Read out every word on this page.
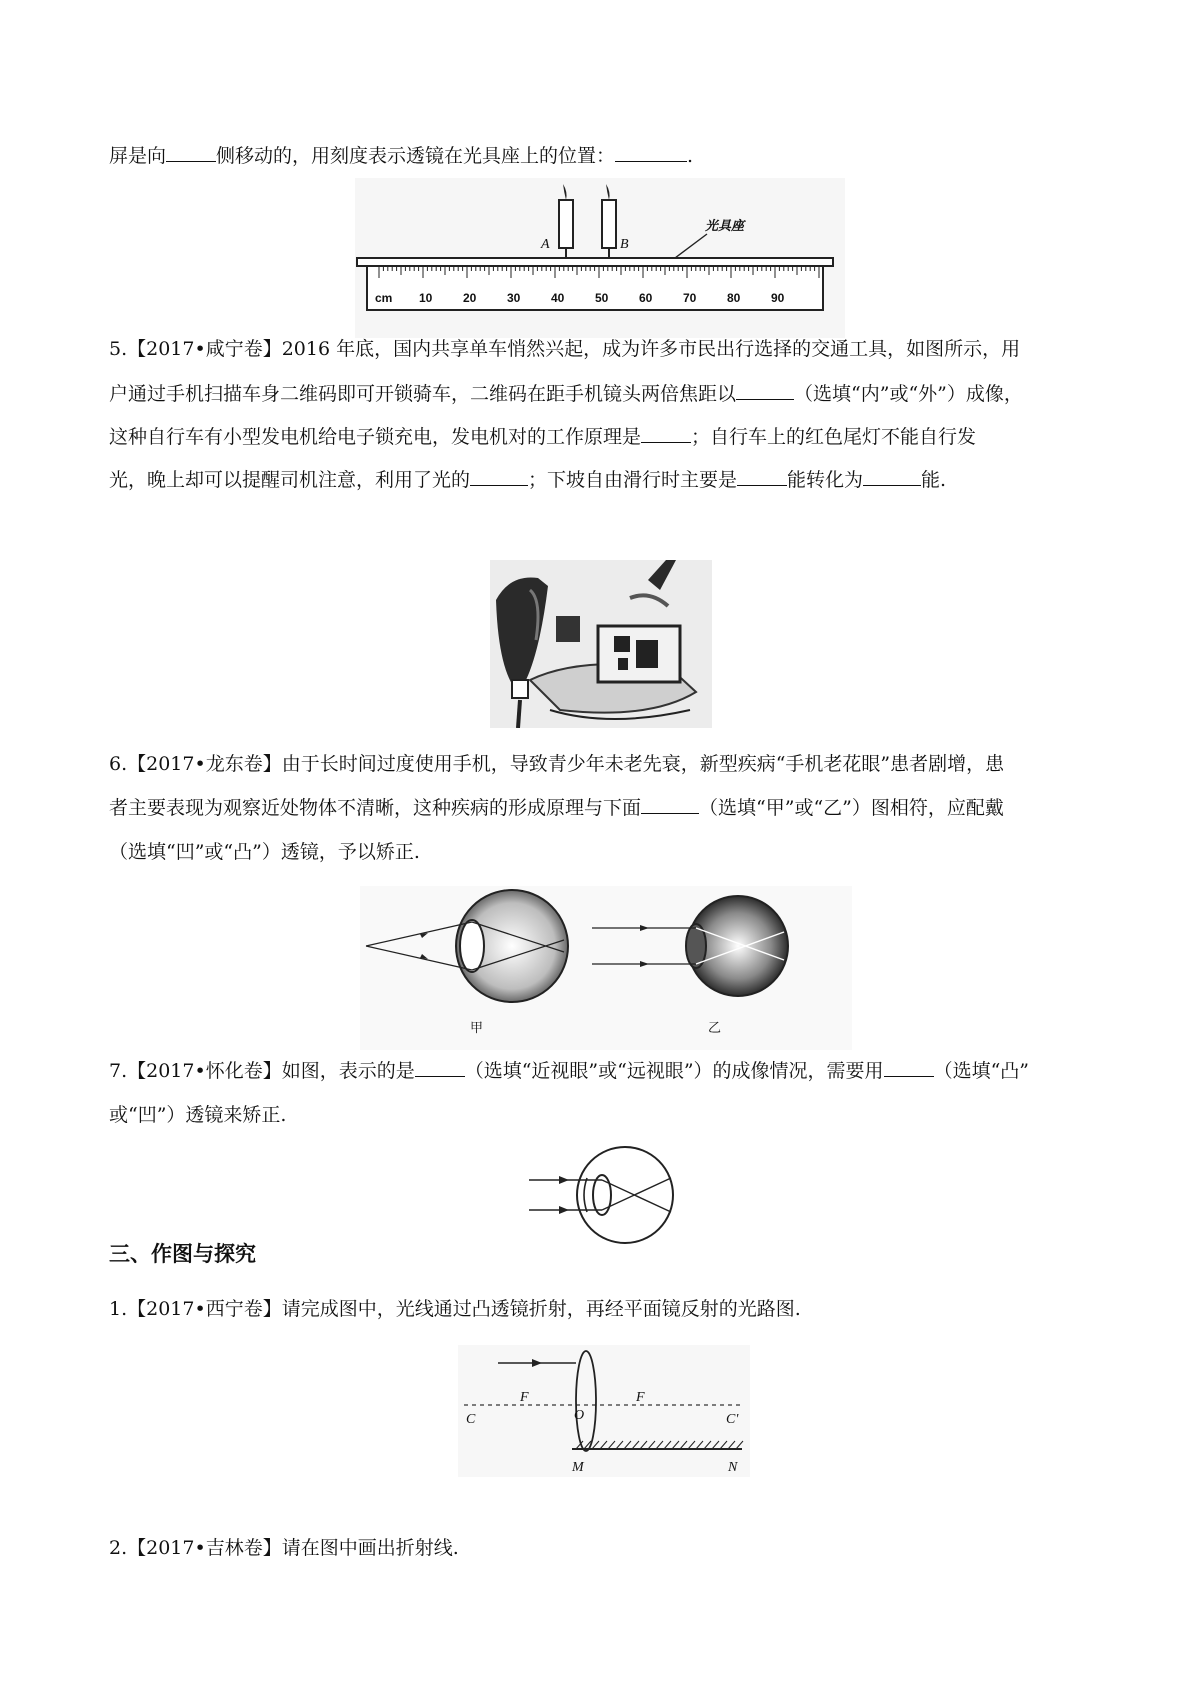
屏是向	侧移动的，用刻度表示透镜在光具座上的位置：	.
A	B
光具座
cm 10	20	30	40	50	60	70	80	90
5.【2017•咸宁卷】2016 年底，国内共享单车悄然兴起，成为许多市民出行选择的交通工具，如图所示，用
户通过手机扫描车身二维码即可开锁骑车，二维码在距手机镜头两倍焦距以	（选填“内”或“外”）成像，
这种自行车有小型发电机给电子锁充电，发电机对的工作原理是	；自行车上的红色尾灯不能自行发
光，晚上却可以提醒司机注意，利用了光的	；下坡自由滑行时主要是	能转化为	能.
6.【2017•龙东卷】由于长时间过度使用手机，导致青少年未老先衰，新型疾病“手机老花眼”患者剧增，患
者主要表现为观察近处物体不清晰，这种疾病的形成原理与下面	（选填“甲”或“乙”）图相符，应配戴
（选填“凹”或“凸”）透镜，予以矫正.
甲	乙
7.【2017•怀化卷】如图，表示的是	（选填“近视眼”或“远视眼”）的成像情况，需要用	（选填“凸”
或“凹”）透镜来矫正.
三、作图与探究
1.【2017•西宁卷】请完成图中，光线通过凸透镜折射，再经平面镜反射的光路图.
C
F
O
F
C'
M	N
2.【2017•吉林卷】请在图中画出折射线.
